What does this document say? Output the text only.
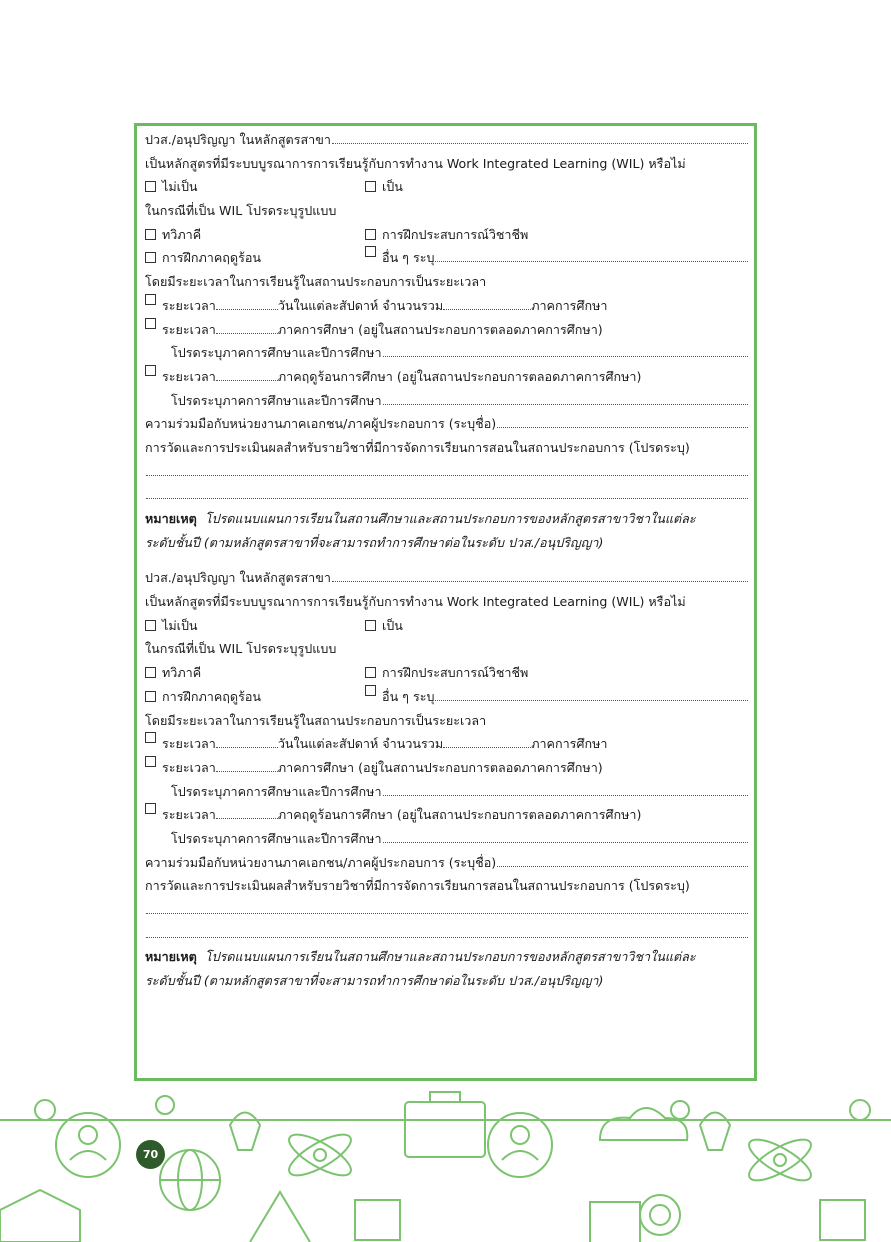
ปวส./อนุปริญญา ในหลักสูตรสาขา
เป็นหลักสูตรที่มีระบบบูรณาการการเรียนรู้กับการทำงาน Work Integrated Learning (WIL) หรือไม่
ไม่เป็น	เป็น
ในกรณีที่เป็น WIL โปรดระบุรูปแบบ
ทวิภาคี	การฝึกประสบการณ์วิชาชีพ
การฝึกภาคฤดูร้อน	อื่น ๆ ระบุ
โดยมีระยะเวลาในการเรียนรู้ในสถานประกอบการเป็นระยะเวลา
ระยะเวลา	วันในแต่ละสัปดาห์ จำนวนรวม	ภาคการศึกษา
ระยะเวลา	ภาคการศึกษา (อยู่ในสถานประกอบการตลอดภาคการศึกษา)
โปรดระบุภาคการศึกษาและปีการศึกษา
ระยะเวลา	ภาคฤดูร้อนการศึกษา (อยู่ในสถานประกอบการตลอดภาคการศึกษา)
โปรดระบุภาคการศึกษาและปีการศึกษา
ความร่วมมือกับหน่วยงานภาคเอกชน/ภาคผู้ประกอบการ (ระบุชื่อ)
การวัดและการประเมินผลสำหรับรายวิชาที่มีการจัดการเรียนการสอนในสถานประกอบการ (โปรดระบุ)
หมายเหตุ โปรดแนบแผนการเรียนในสถานศึกษาและสถานประกอบการของหลักสูตรสาขาวิชาในแต่ละ
ระดับชั้นปี (ตามหลักสูตรสาขาที่จะสามารถทำการศึกษาต่อในระดับ ปวส./อนุปริญญา)
ปวส./อนุปริญญา ในหลักสูตรสาขา
เป็นหลักสูตรที่มีระบบบูรณาการการเรียนรู้กับการทำงาน Work Integrated Learning (WIL) หรือไม่
ไม่เป็น	เป็น
ในกรณีที่เป็น WIL โปรดระบุรูปแบบ
ทวิภาคี	การฝึกประสบการณ์วิชาชีพ
การฝึกภาคฤดูร้อน	อื่น ๆ ระบุ
โดยมีระยะเวลาในการเรียนรู้ในสถานประกอบการเป็นระยะเวลา
ระยะเวลา	วันในแต่ละสัปดาห์ จำนวนรวม	ภาคการศึกษา
ระยะเวลา	ภาคการศึกษา (อยู่ในสถานประกอบการตลอดภาคการศึกษา)
โปรดระบุภาคการศึกษาและปีการศึกษา
ระยะเวลา	ภาคฤดูร้อนการศึกษา (อยู่ในสถานประกอบการตลอดภาคการศึกษา)
โปรดระบุภาคการศึกษาและปีการศึกษา
ความร่วมมือกับหน่วยงานภาคเอกชน/ภาคผู้ประกอบการ (ระบุชื่อ)
การวัดและการประเมินผลสำหรับรายวิชาที่มีการจัดการเรียนการสอนในสถานประกอบการ (โปรดระบุ)
หมายเหตุ โปรดแนบแผนการเรียนในสถานศึกษาและสถานประกอบการของหลักสูตรสาขาวิชาในแต่ละ
ระดับชั้นปี (ตามหลักสูตรสาขาที่จะสามารถทำการศึกษาต่อในระดับ ปวส./อนุปริญญา)
70
